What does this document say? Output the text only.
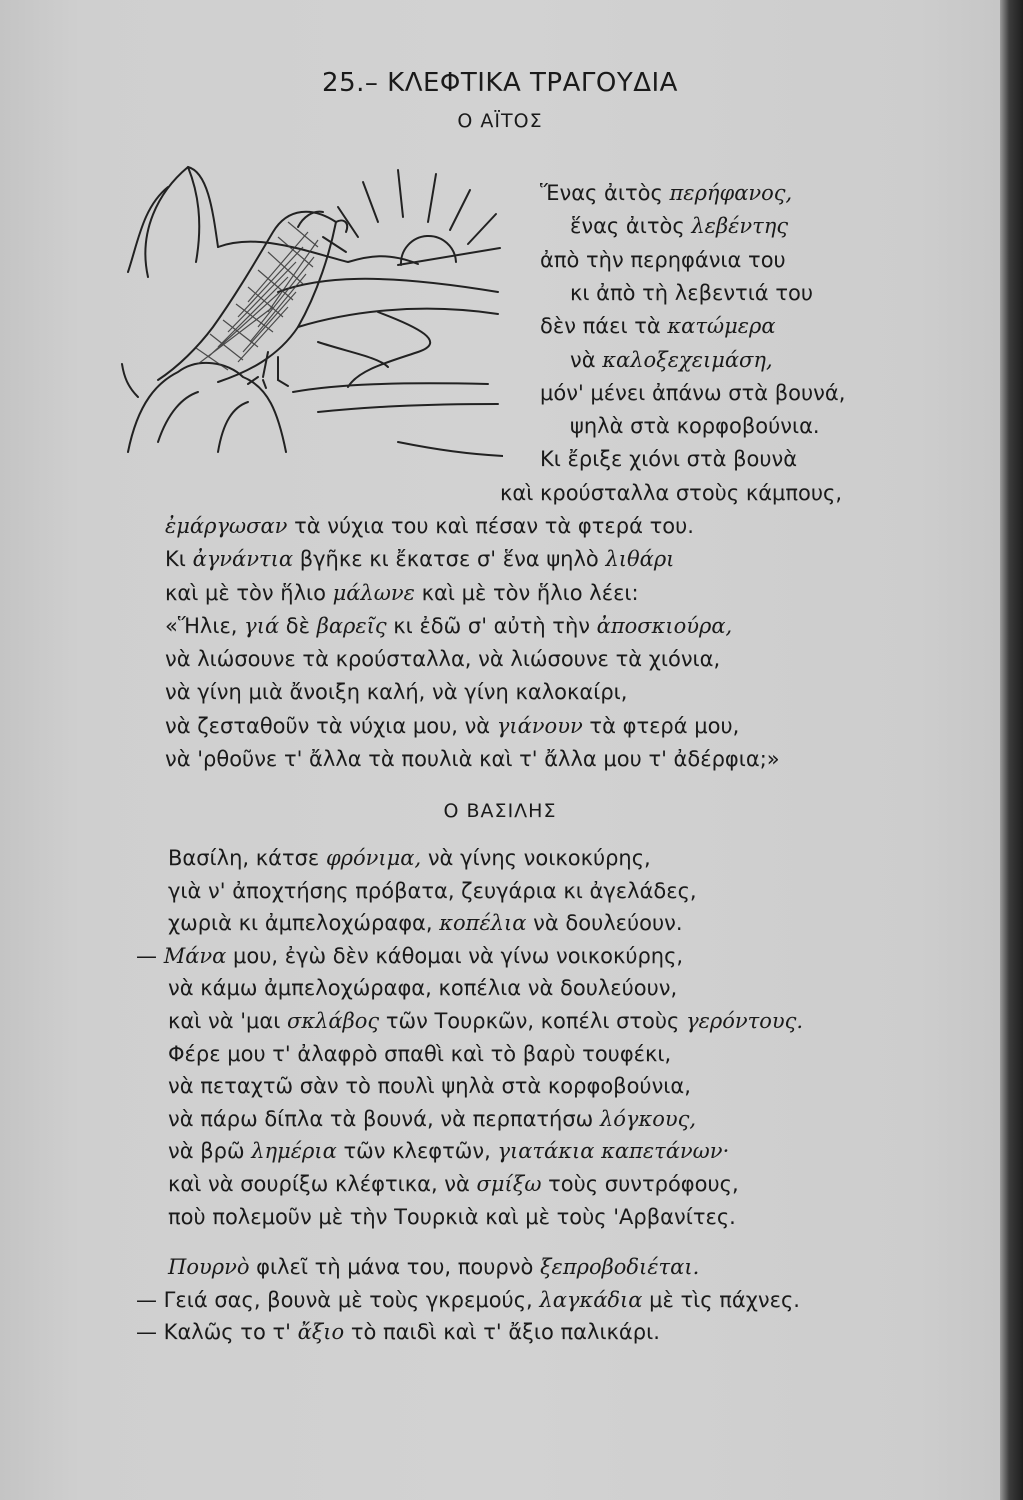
25.– ΚΛΕΦΤΙΚΑ ΤΡΑΓΟΥΔΙΑ
Ο ΑΪΤΟΣ
Ο ΒΑΣΙΛΗΣ
Ἕνας ἀιτὸς περήφανος,
ἕνας ἀιτὸς λεβέντης
ἀπὸ τὴν περηφάνια του
κι ἀπὸ τὴ λεβεντιά του
δὲν πάει τὰ κατώμερα
νὰ καλοξεχειμάση,
μόν' μένει ἀπάνω στὰ βουνά,
ψηλὰ στὰ κορφοβούνια.
Κι ἔριξε χιόνι στὰ βουνὰ
καὶ κρούσταλλα στοὺς κάμπους,
ἐμάργωσαν τὰ νύχια του καὶ πέσαν τὰ φτερά του.
Κι ἀγνάντια βγῆκε κι ἔκατσε σ' ἕνα ψηλὸ λιθάρι
καὶ μὲ τὸν ἥλιο μάλωνε καὶ μὲ τὸν ἥλιο λέει:
«Ἥλιε, γιά δὲ βαρεῖς κι ἐδῶ σ' αὐτὴ τὴν ἀποσκιούρα,
νὰ λιώσουνε τὰ κρούσταλλα, νὰ λιώσουνε τὰ χιόνια,
νὰ γίνη μιὰ ἄνοιξη καλή, νὰ γίνη καλοκαίρι,
νὰ ζεσταθοῦν τὰ νύχια μου, νὰ γιάνουν τὰ φτερά μου,
νὰ 'ρθοῦνε τ' ἄλλα τὰ πουλιὰ καὶ τ' ἄλλα μου τ' ἀδέρφια;»
Βασίλη, κάτσε φρόνιμα, νὰ γίνης νοικοκύρης,
γιὰ ν' ἀποχτήσης πρόβατα, ζευγάρια κι ἀγελάδες,
χωριὰ κι ἀμπελοχώραφα, κοπέλια νὰ δουλεύουν.
— Μάνα μου, ἐγὼ δὲν κάθομαι νὰ γίνω νοικοκύρης,
νὰ κάμω ἀμπελοχώραφα, κοπέλια νὰ δουλεύουν,
καὶ νὰ 'μαι σκλάβος τῶν Τουρκῶν, κοπέλι στοὺς γερόντους.
Φέρε μου τ' ἀλαφρὸ σπαθὶ καὶ τὸ βαρὺ τουφέκι,
νὰ πεταχτῶ σὰν τὸ πουλὶ ψηλὰ στὰ κορφοβούνια,
νὰ πάρω δίπλα τὰ βουνά, νὰ περπατήσω λόγκους,
νὰ βρῶ λημέρια τῶν κλεφτῶν, γιατάκια καπετάνων·
καὶ νὰ σουρίξω κλέφτικα, νὰ σμίξω τοὺς συντρόφους,
ποὺ πολεμοῦν μὲ τὴν Τουρκιὰ καὶ μὲ τοὺς 'Αρβανίτες.
Πουρνὸ φιλεῖ τὴ μάνα του, πουρνὸ ξεπροβοδιέται.
— Γειά σας, βουνὰ μὲ τοὺς γκρεμούς, λαγκάδια μὲ τὶς πάχνες.
— Καλῶς το τ' ἄξιο τὸ παιδὶ καὶ τ' ἄξιο παλικάρι.
